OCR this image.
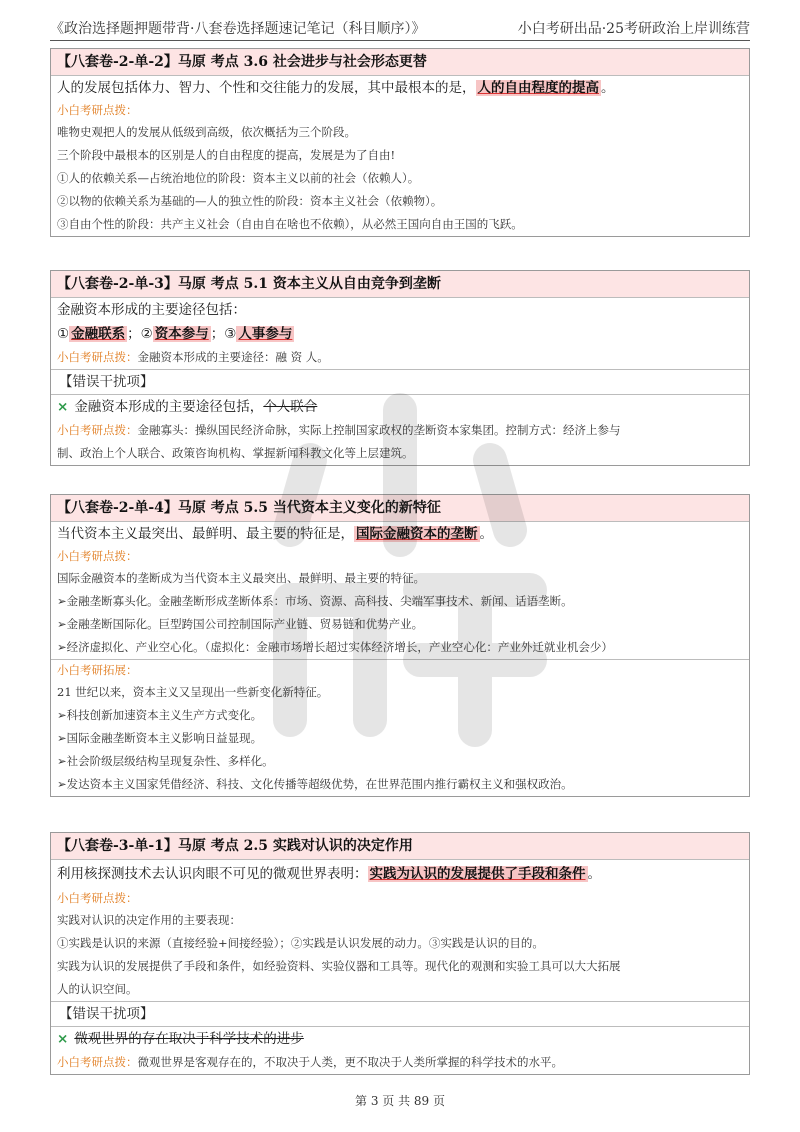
《政治选择题押题带背·八套卷选择题速记笔记（科目顺序）》	小白考研出品·25考研政治上岸训练营
【八套卷-2-单-2】马原 考点 3.6 社会进步与社会形态更替
人的发展包括体力、智力、个性和交往能力的发展，其中最根本的是， 人的自由程度的提高 。
小白考研点拨：
唯物史观把人的发展从低级到高级，依次概括为三个阶段。
三个阶段中最根本的区别是人的自由程度的提高，发展是为了自由!
①人的依赖关系—占统治地位的阶段：资本主义以前的社会（依赖人）。
②以物的依赖关系为基础的—人的独立性的阶段：资本主义社会（依赖物）。
③自由个性的阶段：共产主义社会（自由自在啥也不依赖），从必然王国向自由王国的飞跃。
【八套卷-2-单-3】马原 考点 5.1 资本主义从自由竞争到垄断
金融资本形成的主要途径包括：
① 金融联系 ；② 资本参与 ；③ 人事参与
小白考研点拨：金融资本形成的主要途径：融 资 人。
【错误干扰项】
× 金融资本形成的主要途径包括，个人联合
小白考研点拨：金融寡头：操纵国民经济命脉，实际上控制国家政权的垄断资本家集团。控制方式：经济上参与
制、政治上个人联合、政策咨询机构、掌握新闻科教文化等上层建筑。
【八套卷-2-单-4】马原 考点 5.5 当代资本主义变化的新特征
当代资本主义最突出、最鲜明、最主要的特征是， 国际金融资本的垄断 。
小白考研点拨：
国际金融资本的垄断成为当代资本主义最突出、最鲜明、最主要的特征。
➢金融垄断寡头化。金融垄断形成垄断体系：市场、资源、高科技、尖端军事技术、新闻、话语垄断。
➢金融垄断国际化。巨型跨国公司控制国际产业链、贸易链和优势产业。
➢经济虚拟化、产业空心化。（虚拟化：金融市场增长超过实体经济增长，产业空心化：产业外迁就业机会少）
小白考研拓展：
21 世纪以来，资本主义又呈现出一些新变化新特征。
➢科技创新加速资本主义生产方式变化。
➢国际金融垄断资本主义影响日益显现。
➢社会阶级层级结构呈现复杂性、多样化。
➢发达资本主义国家凭借经济、科技、文化传播等超级优势，在世界范围内推行霸权主义和强权政治。
【八套卷-3-单-1】马原 考点 2.5 实践对认识的决定作用
利用核探测技术去认识肉眼不可见的微观世界表明： 实践为认识的发展提供了手段和条件 。
小白考研点拨：
实践对认识的决定作用的主要表现：
①实践是认识的来源（直接经验+间接经验）；②实践是认识发展的动力。③实践是认识的目的。
实践为认识的发展提供了手段和条件，如经验资料、实验仪器和工具等。现代化的观测和实验工具可以大大拓展
人的认识空间。
【错误干扰项】
× 微观世界的存在取决于科学技术的进步
小白考研点拨：微观世界是客观存在的，不取决于人类，更不取决于人类所掌握的科学技术的水平。
第 3 页 共 89 页
